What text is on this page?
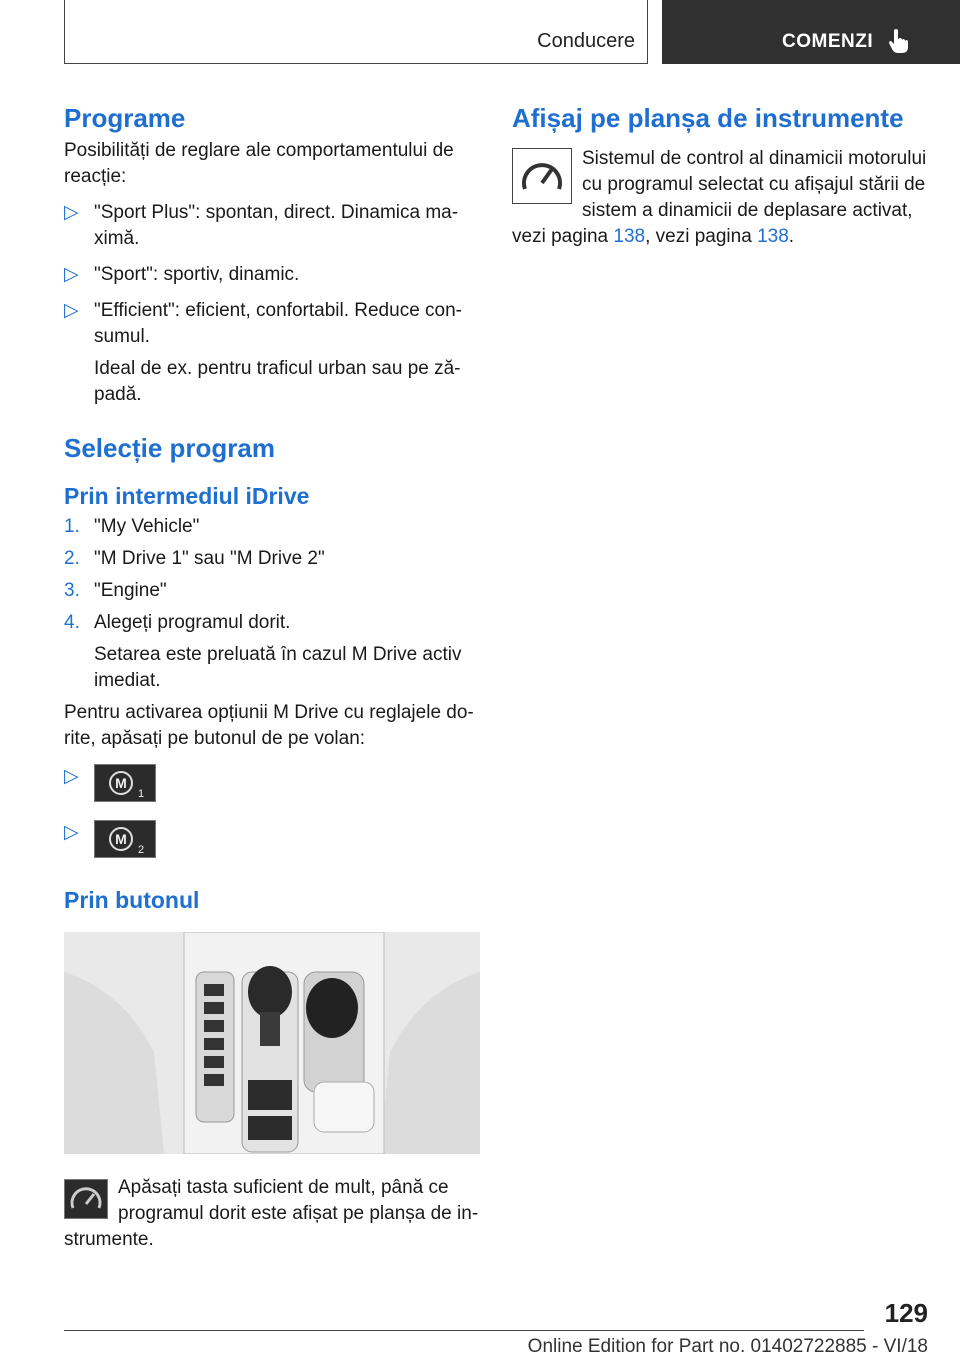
Conducere	COMENZI
Programe

Posibilități de reglare ale comportamentului de reacție:

▷ "Sport Plus": spontan, direct. Dinamica ma-ximă.
▷ "Sport": sportiv, dinamic.
▷ "Efficient": eficient, confortabil. Reduce con-sumul.
Ideal de ex. pentru traficul urban sau pe ză-padă.
Selecție program
Prin intermediul iDrive
1. "My Vehicle"
2. "M Drive 1" sau "M Drive 2"
3. "Engine"
4. Alegeți programul dorit.
Setarea este preluată în cazul M Drive activ imediat.

Pentru activarea opțiunii M Drive cu reglajele do-rite, apăsați pe butonul de pe volan:

▷	M
1
▷	M
2
Prin butonul

Apăsați tasta suficient de mult, până ce programul dorit este afișat pe planșa de in-strumente.

Afișaj pe planșa de instrumente

Sistemul de control al dinamicii motorului cu programul selectat cu afișajul stării de sistem a dinamicii de deplasare activat, vezi pagina 138, vezi pagina 138.

129
Online Edition for Part no. 01402722885 - VI/18
